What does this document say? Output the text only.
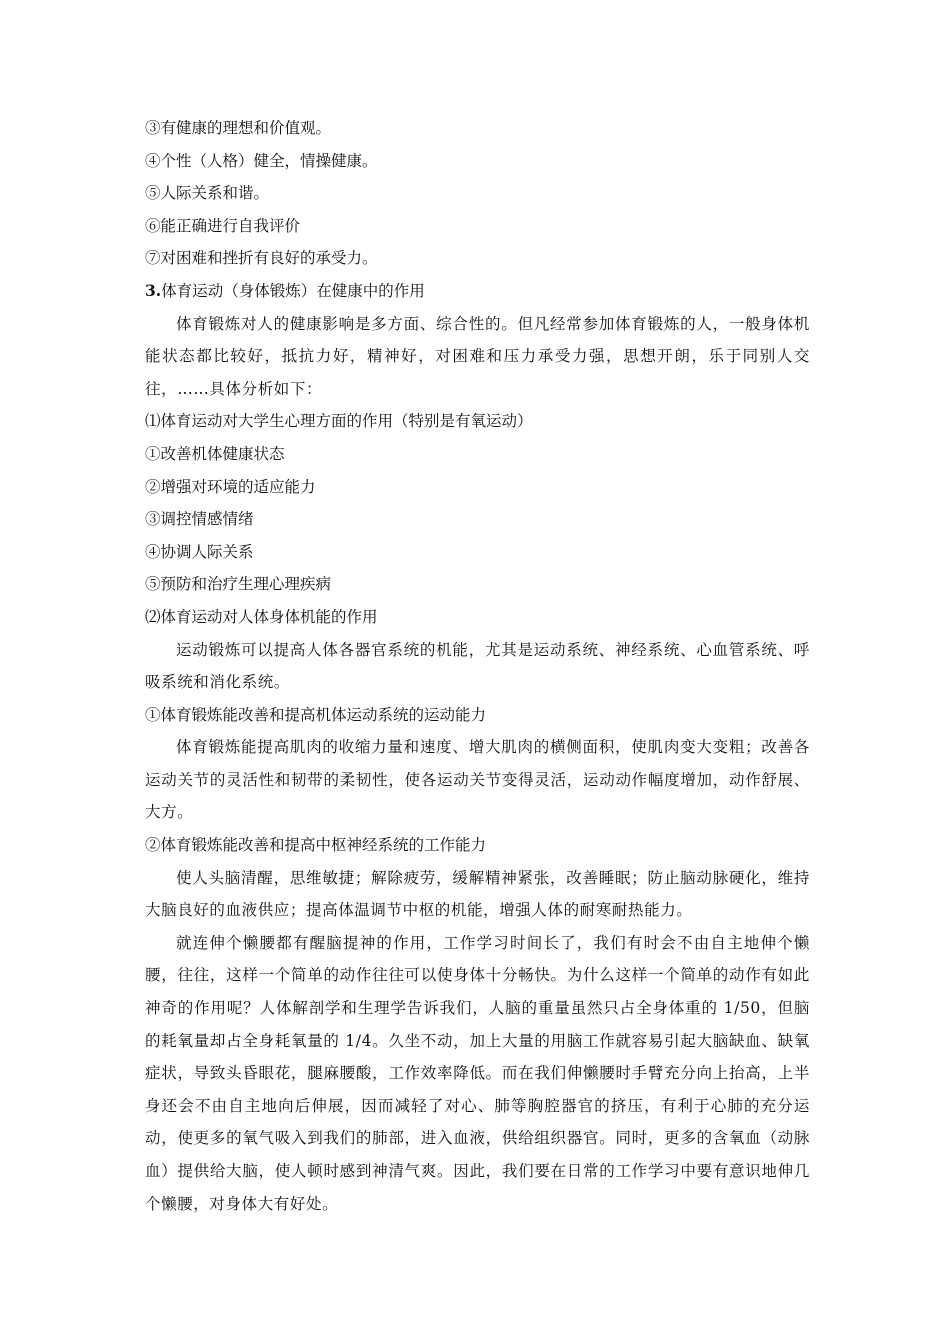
③有健康的理想和价值观。

④个性（人格）健全，情操健康。

⑤人际关系和谐。

⑥能正确进行自我评价

⑦对困难和挫折有良好的承受力。

3.体育运动（身体锻炼）在健康中的作用

体育锻炼对人的健康影响是多方面、综合性的。但凡经常参加体育锻炼的人，一般身体机能状态都比较好，抵抗力好，精神好，对困难和压力承受力强，思想开朗，乐于同别人交往，……具体分析如下：

⑴体育运动对大学生心理方面的作用（特别是有氧运动）

①改善机体健康状态

②增强对环境的适应能力

③调控情感情绪

④协调人际关系

⑤预防和治疗生理心理疾病

⑵体育运动对人体身体机能的作用

运动锻炼可以提高人体各器官系统的机能，尤其是运动系统、神经系统、心血管系统、呼吸系统和消化系统。

①体育锻炼能改善和提高机体运动系统的运动能力

体育锻炼能提高肌肉的收缩力量和速度、增大肌肉的横侧面积，使肌肉变大变粗；改善各运动关节的灵活性和韧带的柔韧性，使各运动关节变得灵活，运动动作幅度增加，动作舒展、大方。

②体育锻炼能改善和提高中枢神经系统的工作能力

使人头脑清醒，思维敏捷；解除疲劳，缓解精神紧张，改善睡眠；防止脑动脉硬化，维持大脑良好的血液供应；提高体温调节中枢的机能，增强人体的耐寒耐热能力。

就连伸个懒腰都有醒脑提神的作用，工作学习时间长了，我们有时会不由自主地伸个懒腰，往往，这样一个简单的动作往往可以使身体十分畅快。为什么这样一个简单的动作有如此神奇的作用呢？人体解剖学和生理学告诉我们，人脑的重量虽然只占全身体重的 1/50，但脑的耗氧量却占全身耗氧量的 1/4。久坐不动，加上大量的用脑工作就容易引起大脑缺血、缺氧症状，导致头昏眼花，腿麻腰酸，工作效率降低。而在我们伸懒腰时手臂充分向上抬高，上半身还会不由自主地向后伸展，因而减轻了对心、肺等胸腔器官的挤压，有利于心肺的充分运动，使更多的氧气吸入到我们的肺部，进入血液，供给组织器官。同时，更多的含氧血（动脉血）提供给大脑，使人顿时感到神清气爽。因此，我们要在日常的工作学习中要有意识地伸几个懒腰，对身体大有好处。
